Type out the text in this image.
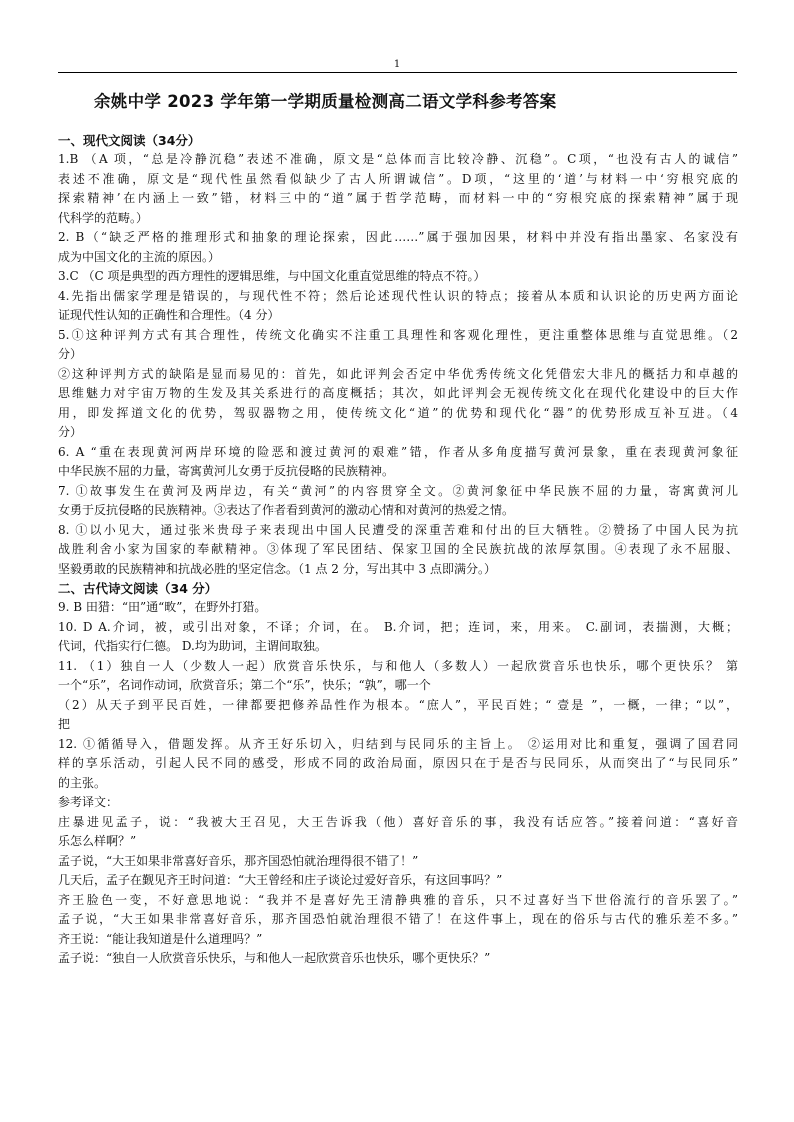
1
余姚中学 2023 学年第一学期质量检测高二语文学科参考答案
一、现代文阅读（34分）
1.B （A 项，“总是冷静沉稳”表述不准确，原文是“总体而言比较冷静、沉稳”。C项，“也没有古人的诚信”
表述不准确，原文是“现代性虽然看似缺少了古人所谓诚信”。D项，“这里的‘道’与材料一中‘穷根究底的
探索精神’在内涵上一致”错，材料三中的“道”属于哲学范畴，而材料一中的“穷根究底的探索精神”属于现
代科学的范畴。）
2. B（“缺乏严格的推理形式和抽象的理论探索，因此……”属于强加因果，材料中并没有指出墨家、名家没有
成为中国文化的主流的原因。）
3.C （C 项是典型的西方理性的逻辑思维，与中国文化重直觉思维的特点不符。）
4.先指出儒家学理是错误的，与现代性不符；然后论述现代性认识的特点；接着从本质和认识论的历史两方面论
证现代性认知的正确性和合理性。（4 分）
5.①这种评判方式有其合理性，传统文化确实不注重工具理性和客观化理性，更注重整体思维与直觉思维。（2
分）
②这种评判方式的缺陷是显而易见的：首先，如此评判会否定中华优秀传统文化凭借宏大非凡的概括力和卓越的
思维魅力对宇宙万物的生发及其关系进行的高度概括；其次，如此评判会无视传统文化在现代化建设中的巨大作
用，即发挥道文化的优势，驾驭器物之用，使传统文化“道”的优势和现代化“器”的优势形成互补互进。（4
分）
6. A “重在表现黄河两岸环境的险恶和渡过黄河的艰难”错，作者从多角度描写黄河景象，重在表现黄河象征
中华民族不屈的力量，寄寓黄河儿女勇于反抗侵略的民族精神。
7. ①故事发生在黄河及两岸边，有关“黄河”的内容贯穿全文。②黄河象征中华民族不屈的力量，寄寓黄河儿
女勇于反抗侵略的民族精神。③表达了作者看到黄河的激动心情和对黄河的热爱之情。
8. ①以小见大，通过张米贵母子来表现出中国人民遭受的深重苦难和付出的巨大牺牲。②赞扬了中国人民为抗
战胜利舍小家为国家的奉献精神。③体现了军民团结、保家卫国的全民族抗战的浓厚氛围。④表现了永不屈服、
坚毅勇敢的民族精神和抗战必胜的坚定信念。（1 点 2 分，写出其中 3 点即满分。）
二、古代诗文阅读（34 分）
9. B 田猎：“田”通“畋”，在野外打猎。
10. D A.介词，被，或引出对象，不译；介词，在。 B.介词，把；连词，来，用来。 C.副词，表揣测，大概；
代词，代指实行仁德。 D.均为助词，主谓间取独。
11. （1）独自一人（少数人一起）欣赏音乐快乐，与和他人（多数人）一起欣赏音乐也快乐，哪个更快乐？ 第
一个“乐”，名词作动词，欣赏音乐；第二个“乐”，快乐；“孰”，哪一个
（2）从天子到平民百姓，一律都要把修养品性作为根本。“庶人”，平民百姓；“ 壹是 ”，一概，一律；“以”，
把
12. ①循循导入，借题发挥。从齐王好乐切入，归结到与民同乐的主旨上。 ②运用对比和重复，强调了国君同
样的享乐活动，引起人民不同的感受，形成不同的政治局面，原因只在于是否与民同乐，从而突出了“与民同乐”
的主张。
参考译文：
庄暴进见孟子，说：“我被大王召见，大王告诉我（他）喜好音乐的事，我没有话应答。”接着问道：“喜好音
乐怎么样啊？”
孟子说，“大王如果非常喜好音乐，那齐国恐怕就治理得很不错了！”
几天后，孟子在觐见齐王时问道：“大王曾经和庄子谈论过爱好音乐，有这回事吗？”
齐王脸色一变，不好意思地说：“我并不是喜好先王清静典雅的音乐，只不过喜好当下世俗流行的音乐罢了。”
孟子说，“大王如果非常喜好音乐，那齐国恐怕就治理很不错了！在这件事上，现在的俗乐与古代的雅乐差不多。”
齐王说：“能让我知道是什么道理吗？”
孟子说：“独自一人欣赏音乐快乐，与和他人一起欣赏音乐也快乐，哪个更快乐？”
